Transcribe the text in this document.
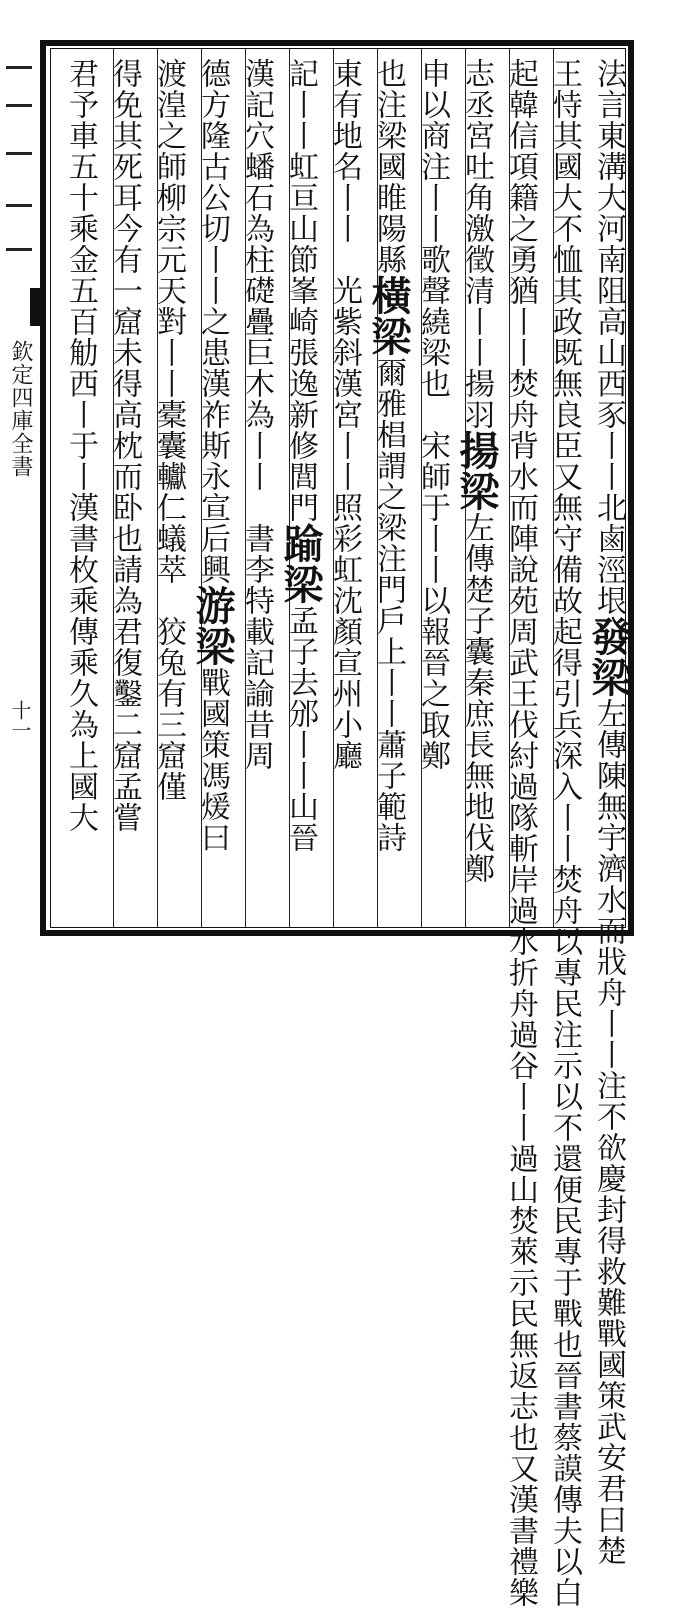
欽定四庫全書
十一
法言東溝大河南阻高山西豕丨丨北鹵涇垠發梁左傳陳無宇濟水而戕舟丨丨注不欲慶封得救難戰國策武安君曰楚
王恃其國大不恤其政既無良臣又無守備故起得引兵深入丨丨焚舟以專民注示以不還便民專于戰也晉書蔡謨傳夫以白
起韓信項籍之勇猶丨丨焚舟背水而陣說苑周武王伐紂過隊斬岸過水折舟過谷丨丨過山焚萊示民無返志也又漢書禮樂
志丞宮吐角激徵清丨丨揚羽揚梁左傳楚子囊秦庶長無地伐鄭
申以商注丨丨歌聲繞梁也　宋師于丨丨以報晉之取鄭
也注梁國睢陽縣橫梁爾雅椙謂之梁注門戶上丨丨蕭子範詩
東有地名丨丨　光紫斜漢宮丨丨照彩虹沈顏宣州小廳
記丨丨虹亘山節峯崎張逸新修閭門踰梁孟子去邠丨丨山晉
漢記穴蟠石為柱礎疊巨木為丨丨　書李特載記諭昔周
德方隆古公切丨丨之患漢祚斯永宣后興游梁戰國策馮煖曰
渡湟之師柳宗元天對丨丨橐囊䡾仁蟻萃　狡兔有三窟僅
得免其死耳今有一窟未得高枕而卧也請為君復鑿二窟孟嘗
君予車五十乘金五百觔西丨于丨漢書枚乘傳乘久為上國大
